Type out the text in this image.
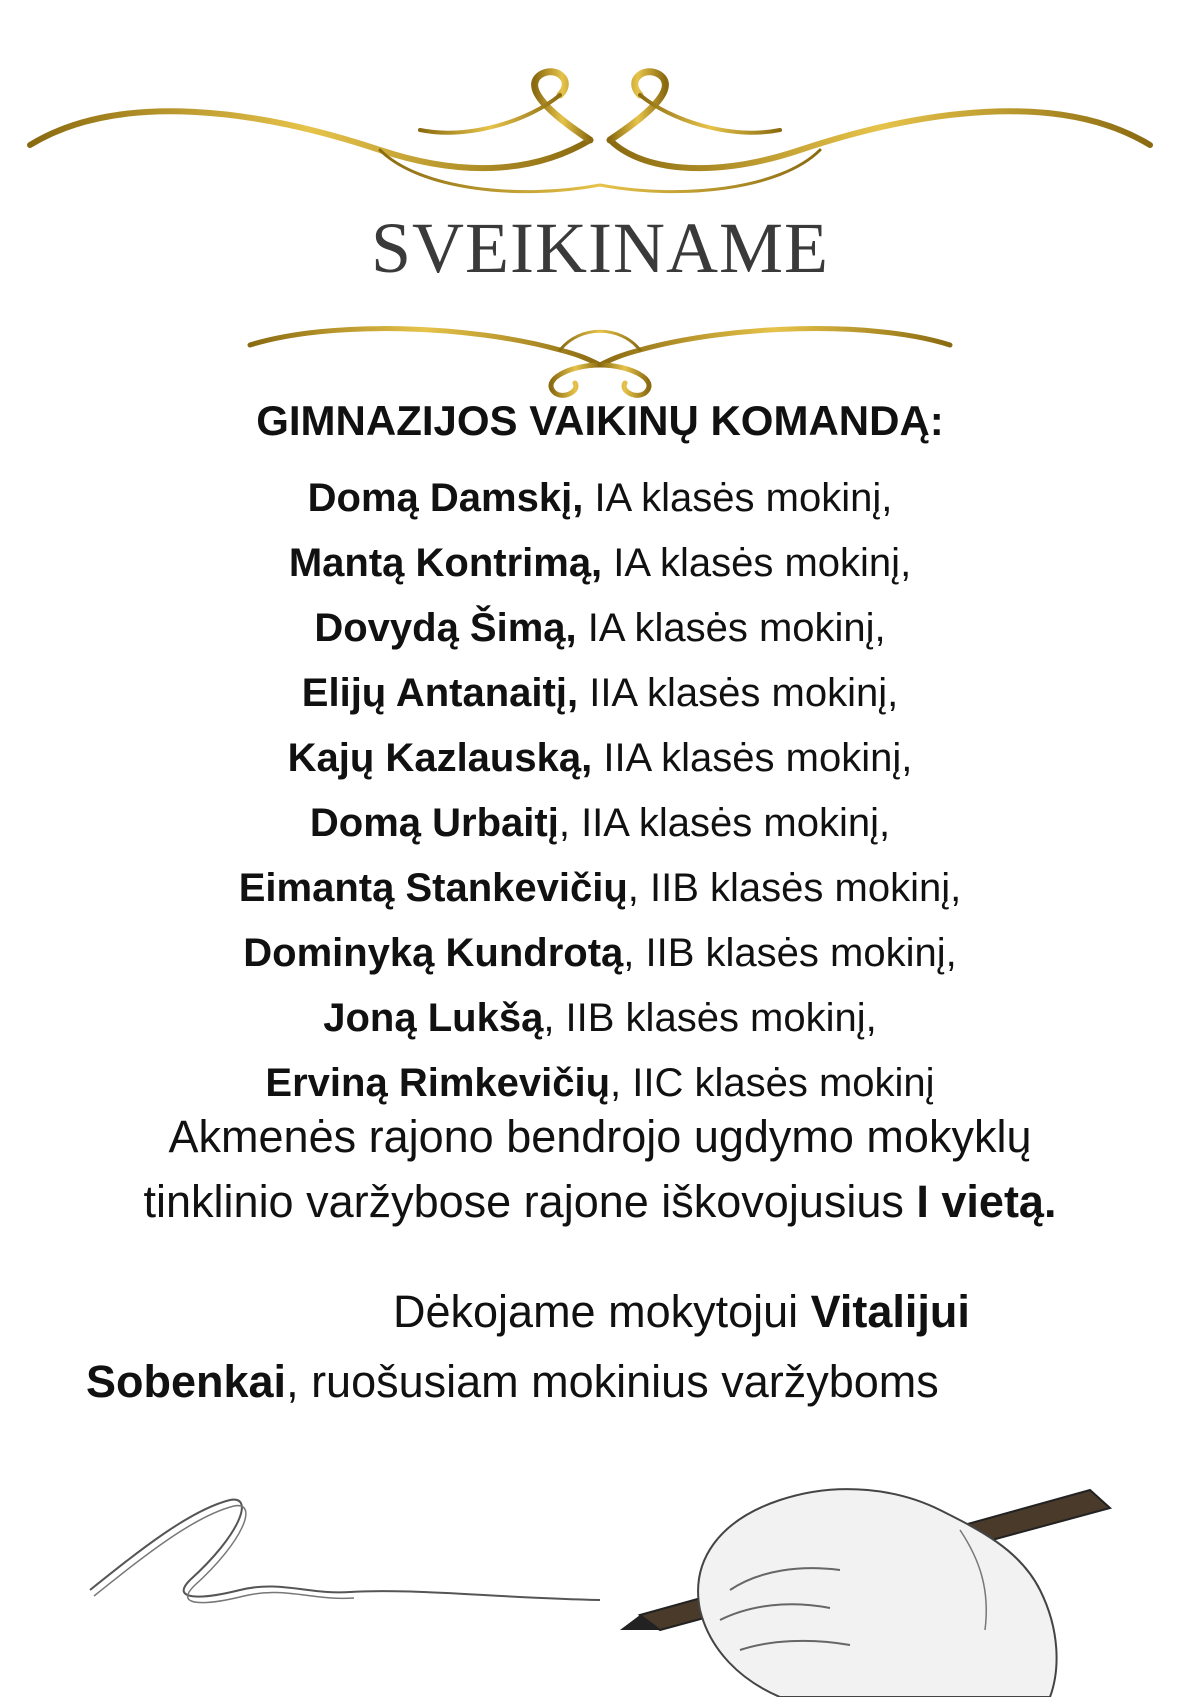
SVEIKINAME
GIMNAZIJOS VAIKINŲ KOMANDĄ:
Domą Damskį, IA klasės mokinį,
Mantą Kontrimą, IA klasės mokinį,
Dovydą Šimą, IA klasės mokinį,
Elijų Antanaitį, IIA klasės mokinį,
Kajų Kazlauską, IIA klasės mokinį,
Domą Urbaitį, IIA klasės mokinį,
Eimantą Stankevičių, IIB klasės mokinį,
Dominyką Kundrotą, IIB klasės mokinį,
Joną Lukšą, IIB klasės mokinį,
Erviną Rimkevičių, IIC klasės mokinį
Akmenės rajono bendrojo ugdymo mokyklų
tinklinio varžybose rajone iškovojusius I vietą.
Dėkojame mokytojui Vitalijui
Sobenkai, ruošusiam mokinius varžyboms
